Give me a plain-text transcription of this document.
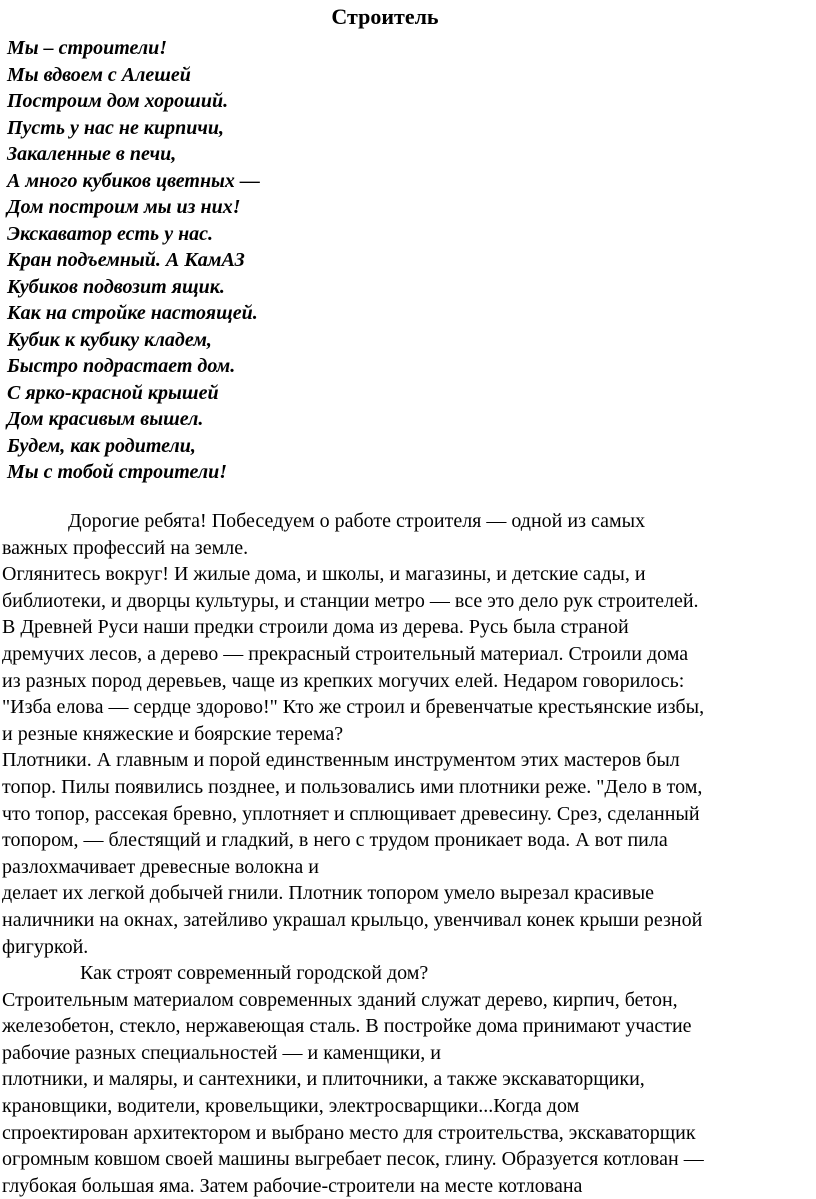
Строитель
Мы – строители!
Мы вдвоем с Алешей
Построим дом хороший.
Пусть у нас не кирпичи,
Закаленные в печи,
А много кубиков цветных —
Дом построим мы из них!
Экскаватор есть у нас.
Кран подъемный. А КамАЗ
Кубиков подвозит ящик.
Как на стройке настоящей.
Кубик к кубику кладем,
Быстро подрастает дом.
С ярко-красной крышей
Дом красивым вышел.
Будем, как родители,
Мы с тобой строители!
Дорогие ребята! Побеседуем о работе строителя — одной из самых
важных профессий на земле.
Оглянитесь вокруг! И жилые дома, и школы, и магазины, и детские сады, и
библиотеки, и дворцы культуры, и станции метро — все это дело рук строителей.
В Древней Руси наши предки строили дома из дерева. Русь была страной
дремучих лесов, а дерево — прекрасный строительный материал. Строили дома
из разных пород деревьев, чаще из крепких могучих елей. Недаром говорилось:
"Изба елова — сердце здорово!" Кто же строил и бревенчатые крестьянские избы,
и резные княжеские и боярские терема?
Плотники. А главным и порой единственным инструментом этих мастеров был
топор. Пилы появились позднее, и пользовались ими плотники реже. "Дело в том,
что топор, рассекая бревно, уплотняет и сплющивает древесину. Срез, сделанный
топором, — блестящий и гладкий, в него с трудом проникает вода. А вот пила
разлохмачивает древесные волокна и
делает их легкой добычей гнили. Плотник топором умело вырезал красивые
наличники на окнах, затейливо украшал крыльцо, увенчивал конек крыши резной
фигуркой.
Как строят современный городской дом?
Строительным материалом современных зданий служат дерево, кирпич, бетон,
железобетон, стекло, нержавеющая сталь. В постройке дома принимают участие
рабочие разных специальностей — и каменщики, и
плотники, и маляры, и сантехники, и плиточники, а также экскаваторщики,
крановщики, водители, кровельщики, электросварщики...Когда дом
спроектирован архитектором и выбрано место для строительства, экскаваторщик
огромным ковшом своей машины выгребает песок, глину. Образуется котлован —
глубокая большая яма. Затем рабочие-строители на месте котлована
